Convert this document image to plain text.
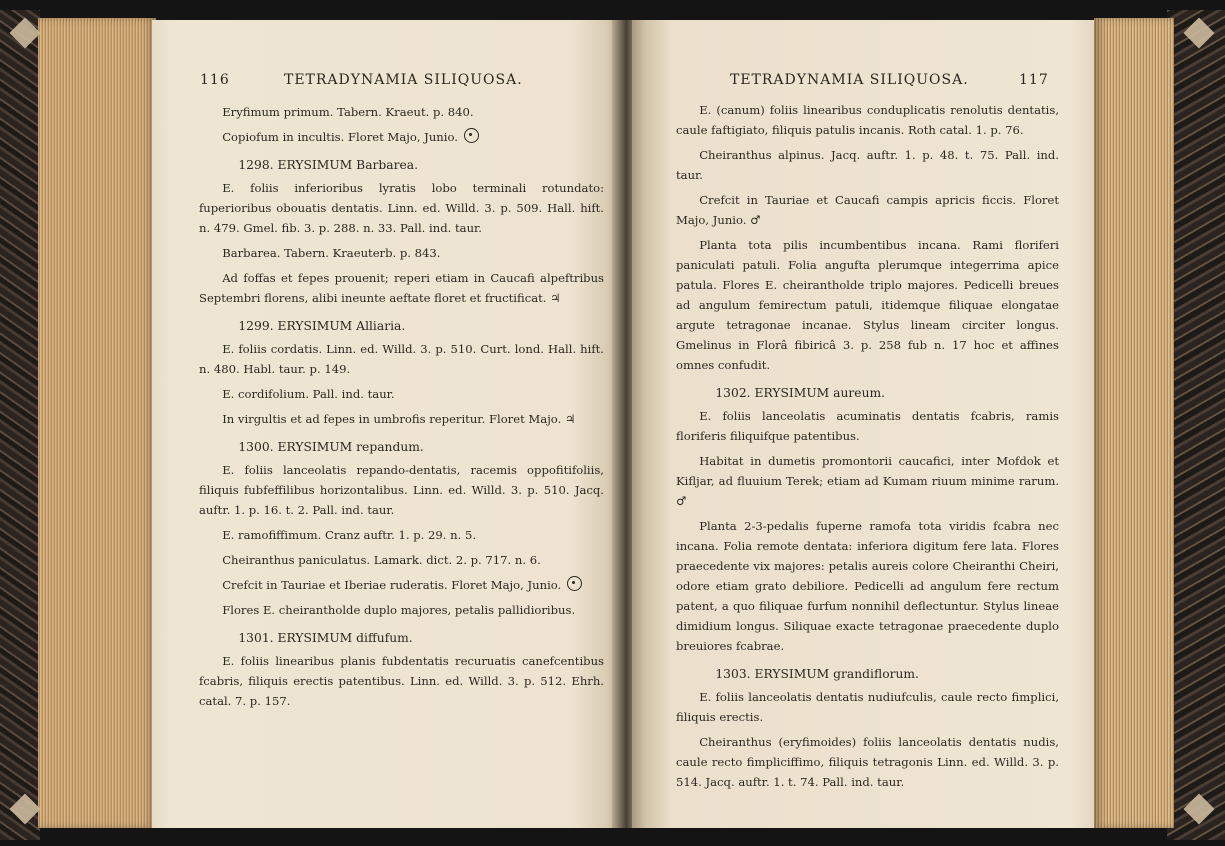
116	TETRADYNAMIA SILIQUOSA.

Eryfimum primum. Tabern. Kraeut. p. 840.

Copiofum in incultis. Floret Majo, Junio.

1298. ERYSIMUM Barbarea.

E. foliis inferioribus lyratis lobo terminali rotundato: fuperioribus obouatis dentatis. Linn. ed. Willd. 3. p. 509. Hall. hift. n. 479. Gmel. fib. 3. p. 288. n. 33. Pall. ind. taur.

Barbarea. Tabern. Kraeuterb. p. 843.

Ad foffas et fepes prouenit; reperi etiam in Caucafi alpeftribus Septembri florens, alibi ineunte aeftate floret et fructificat. ♃

1299. ERYSIMUM Alliaria.

E. foliis cordatis. Linn. ed. Willd. 3. p. 510. Curt. lond. Hall. hift. n. 480. Habl. taur. p. 149.

E. cordifolium. Pall. ind. taur.

In virgultis et ad fepes in umbrofis reperitur. Floret Majo. ♃

1300. ERYSIMUM repandum.

E. foliis lanceolatis repando-dentatis, racemis oppofitifoliis, filiquis fubfeffilibus horizontalibus. Linn. ed. Willd. 3. p. 510. Jacq. auftr. 1. p. 16. t. 2. Pall. ind. taur.

E. ramofiffimum. Cranz auftr. 1. p. 29. n. 5.

Cheiranthus paniculatus. Lamark. dict. 2. p. 717. n. 6.

Crefcit in Tauriae et Iberiae ruderatis. Floret Majo, Junio.

Flores E. cheirantholde duplo majores, petalis pallidioribus.

1301. ERYSIMUM diffufum.

E. foliis linearibus planis fubdentatis recuruatis canefcentibus fcabris, filiquis erectis patentibus. Linn. ed. Willd. 3. p. 512. Ehrh. catal. 7. p. 157.

TETRADYNAMIA SILIQUOSA.	117

E. (canum) foliis linearibus conduplicatis renolutis dentatis, caule faftigiato, filiquis patulis incanis. Roth catal. 1. p. 76.

Cheiranthus alpinus. Jacq. auftr. 1. p. 48. t. 75. Pall. ind. taur.

Crefcit in Tauriae et Caucafi campis apricis ficcis. Floret Majo, Junio. ♂

Planta tota pilis incumbentibus incana. Rami floriferi paniculati patuli. Folia angufta plerumque integerrima apice patula. Flores E. cheirantholde triplo majores. Pedicelli breues ad angulum femirectum patuli, itidemque filiquae elongatae argute tetragonae incanae. Stylus lineam circiter longus. Gmelinus in Florâ fibiricâ 3. p. 258 fub n. 17 hoc et affines omnes confudit.

1302. ERYSIMUM aureum.

E. foliis lanceolatis acuminatis dentatis fcabris, ramis floriferis filiquifque patentibus.

Habitat in dumetis promontorii caucafici, inter Mofdok et Kifljar, ad fluuium Terek; etiam ad Kumam riuum minime rarum. ♂

Planta 2-3-pedalis fuperne ramofa tota viridis fcabra nec incana. Folia remote dentata: inferiora digitum fere lata. Flores praecedente vix majores: petalis aureis colore Cheiranthi Cheiri, odore etiam grato debiliore. Pedicelli ad angulum fere rectum patent, a quo filiquae furfum nonnihil deflectuntur. Stylus lineae dimidium longus. Siliquae exacte tetragonae praecedente duplo breuiores fcabrae.

1303. ERYSIMUM grandiflorum.

E. foliis lanceolatis dentatis nudiufculis, caule recto fimplici, filiquis erectis.

Cheiranthus (eryfimoides) foliis lanceolatis dentatis nudis, caule recto fimpliciffimo, filiquis tetragonis Linn. ed. Willd. 3. p. 514. Jacq. auftr. 1. t. 74. Pall. ind. taur.
